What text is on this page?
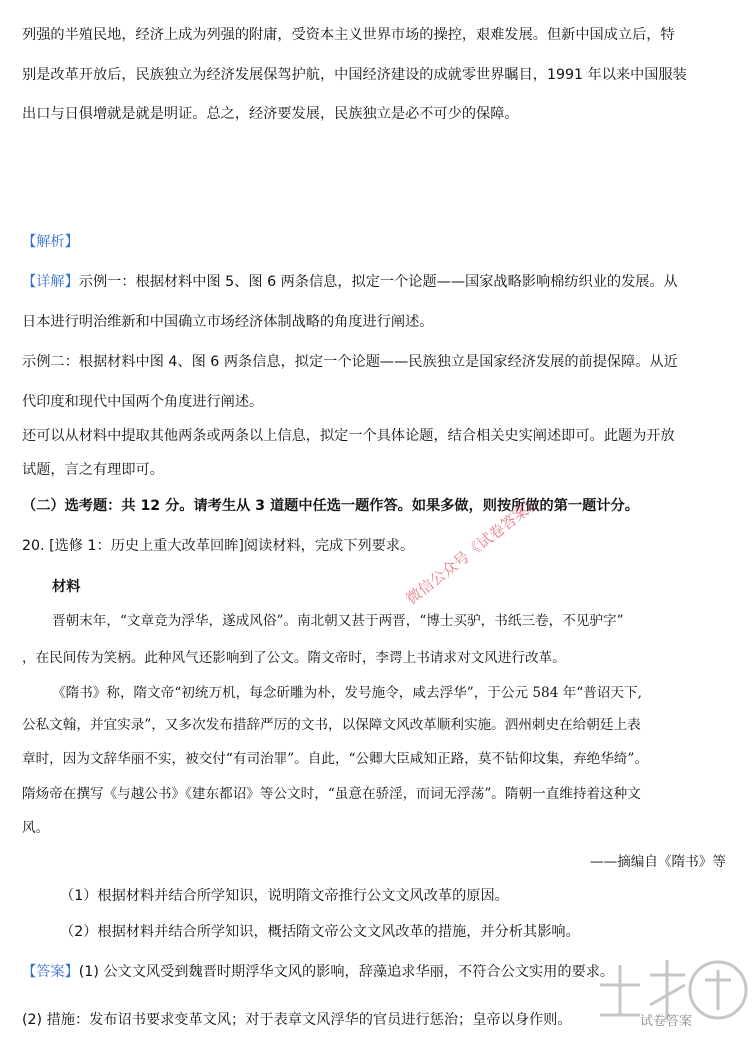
列强的半殖民地，经济上成为列强的附庸，受资本主义世界市场的操控，艰难发展。但新中国成立后，特
别是改革开放后，民族独立为经济发展保驾护航，中国经济建设的成就零世界瞩目，1991 年以来中国服装
出口与日俱增就是就是明证。总之，经济要发展，民族独立是必不可少的保障。
【解析】
【详解】示例一：根据材料中图 5、图 6 两条信息，拟定一个论题——国家战略影响棉纺织业的发展。从
日本进行明治维新和中国确立市场经济体制战略的角度进行阐述。
示例二：根据材料中图 4、图 6 两条信息，拟定一个论题——民族独立是国家经济发展的前提保障。从近
代印度和现代中国两个角度进行阐述。
还可以从材料中提取其他两条或两条以上信息，拟定一个具体论题，结合相关史实阐述即可。此题为开放
试题，言之有理即可。
（二）选考题：共 12 分。请考生从 3 道题中任选一题作答。如果多做，则按所做的第一题计分。
20. [选修 1：历史上重大改革回眸]阅读材料，完成下列要求。
材料
晋朝末年，“文章竞为浮华，遂成风俗”。南北朝又甚于两晋，“博士买驴，书纸三卷，不见驴字”
，在民间传为笑柄。此种风气还影响到了公文。隋文帝时，李谔上书请求对文风进行改革。
《隋书》称，隋文帝“初统万机，每念斫雕为朴，发号施令，咸去浮华”，于公元 584 年“普诏天下,
公私文翰，并宜实录”，又多次发布措辞严厉的文书，以保障文风改革顺利实施。泗州刺史在给朝廷上表
章时，因为文辞华丽不实，被交付“有司治罪”。自此，“公卿大臣咸知正路，莫不钻仰坟集，弃绝华绮”。
隋炀帝在撰写《与越公书》《建东都诏》等公文时，“虽意在骄淫，而词无浮荡”。隋朝一直维持着这种文
风。
——摘编自《隋书》等
（1）根据材料并结合所学知识，说明隋文帝推行公文文风改革的原因。
（2）根据材料并结合所学知识，概括隋文帝公文文风改革的措施，并分析其影响。
【答案】(1) 公文文风受到魏晋时期浮华文风的影响，辞藻追求华丽，不符合公文实用的要求。
(2) 措施：发布诏书要求变革文风；对于表章文风浮华的官员进行惩治；皇帝以身作则。
微信公众号《试卷答案》
试卷答案
